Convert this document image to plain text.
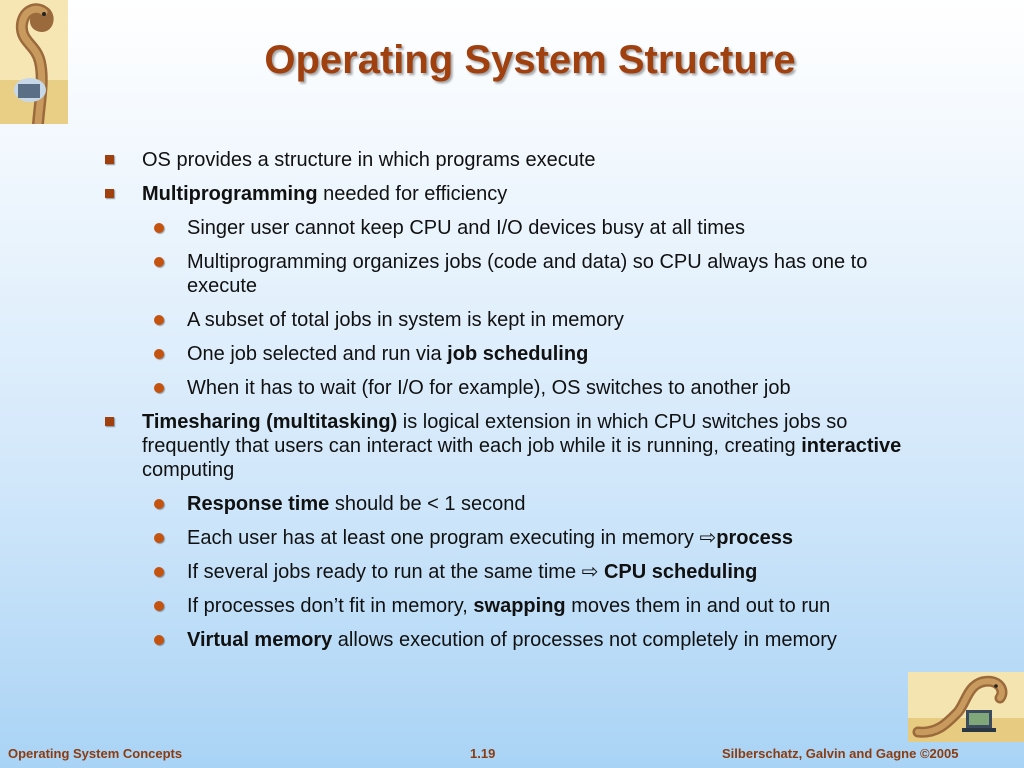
Operating System Structure
OS provides a structure in which programs execute
Multiprogramming needed for efficiency
Singer user cannot keep CPU and I/O devices busy at all times
Multiprogramming organizes jobs (code and data) so CPU always has one to execute
A subset of total jobs in system is kept in memory
One job selected and run via job scheduling
When it has to wait (for I/O for example), OS switches to another job
Timesharing (multitasking) is logical extension in which CPU switches jobs so frequently that users can interact with each job while it is running, creating interactive computing
Response time should be < 1 second
Each user has at least one program executing in memory ⇨process
If several jobs ready to run at the same time ⇨ CPU scheduling
If processes don’t fit in memory, swapping moves them in and out to run
Virtual memory allows execution of processes not completely in memory
Operating System Concepts	1.19	Silberschatz, Galvin and Gagne ©2005
